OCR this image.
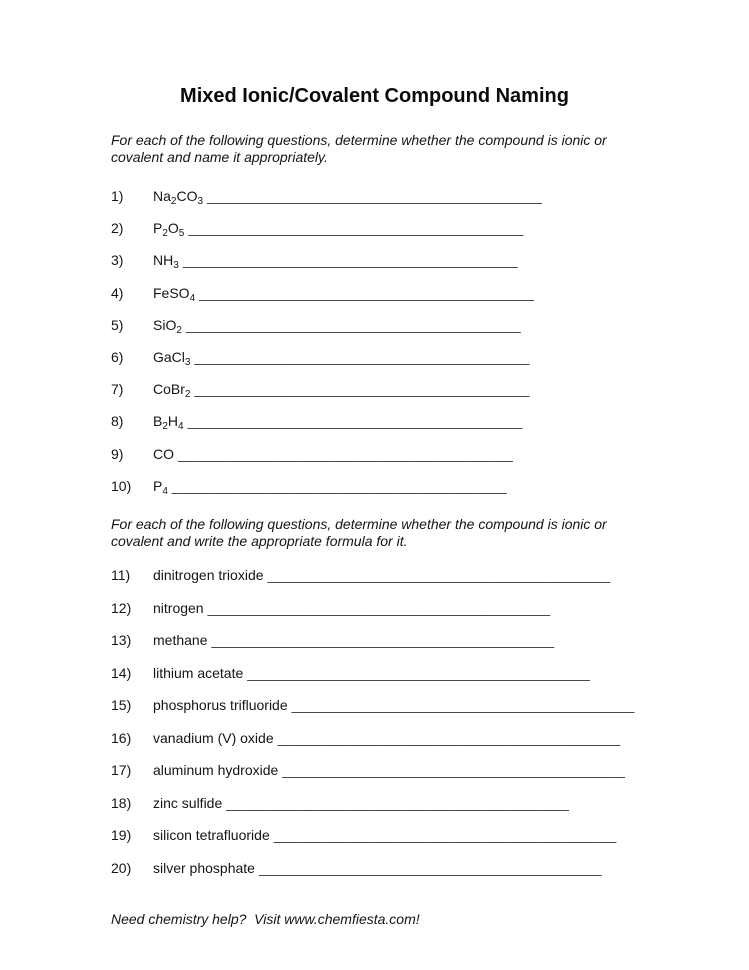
Mixed Ionic/Covalent Compound Naming

For each of the following questions, determine whether the compound is ionic or covalent and name it appropriately.

1) $Na_2CO_3$ ___________________________________________
2) $P_2O_5$ ___________________________________________
3) $NH_3$ ___________________________________________
4) FeSO$_4$ ___________________________________________
5) SiO$_2$ ___________________________________________
6) GaCl$_3$ ___________________________________________
7) CoBr$_2$ ___________________________________________
8) $B_2H_4$ ___________________________________________
9) CO ___________________________________________
10) $P_4$ ___________________________________________

For each of the following questions, determine whether the compound is ionic or covalent and write the appropriate formula for it.

11) dinitrogen trioxide ____________________________________________
12) nitrogen ____________________________________________
13) methane ____________________________________________
14) lithium acetate ____________________________________________
15) phosphorus trifluoride ____________________________________________
16) vanadium (V) oxide ____________________________________________
17) aluminum hydroxide ____________________________________________
18) zinc sulfide ____________________________________________
19) silicon tetrafluoride ____________________________________________
20) silver phosphate ____________________________________________

Need chemistry help?  Visit www.chemfiesta.com!
